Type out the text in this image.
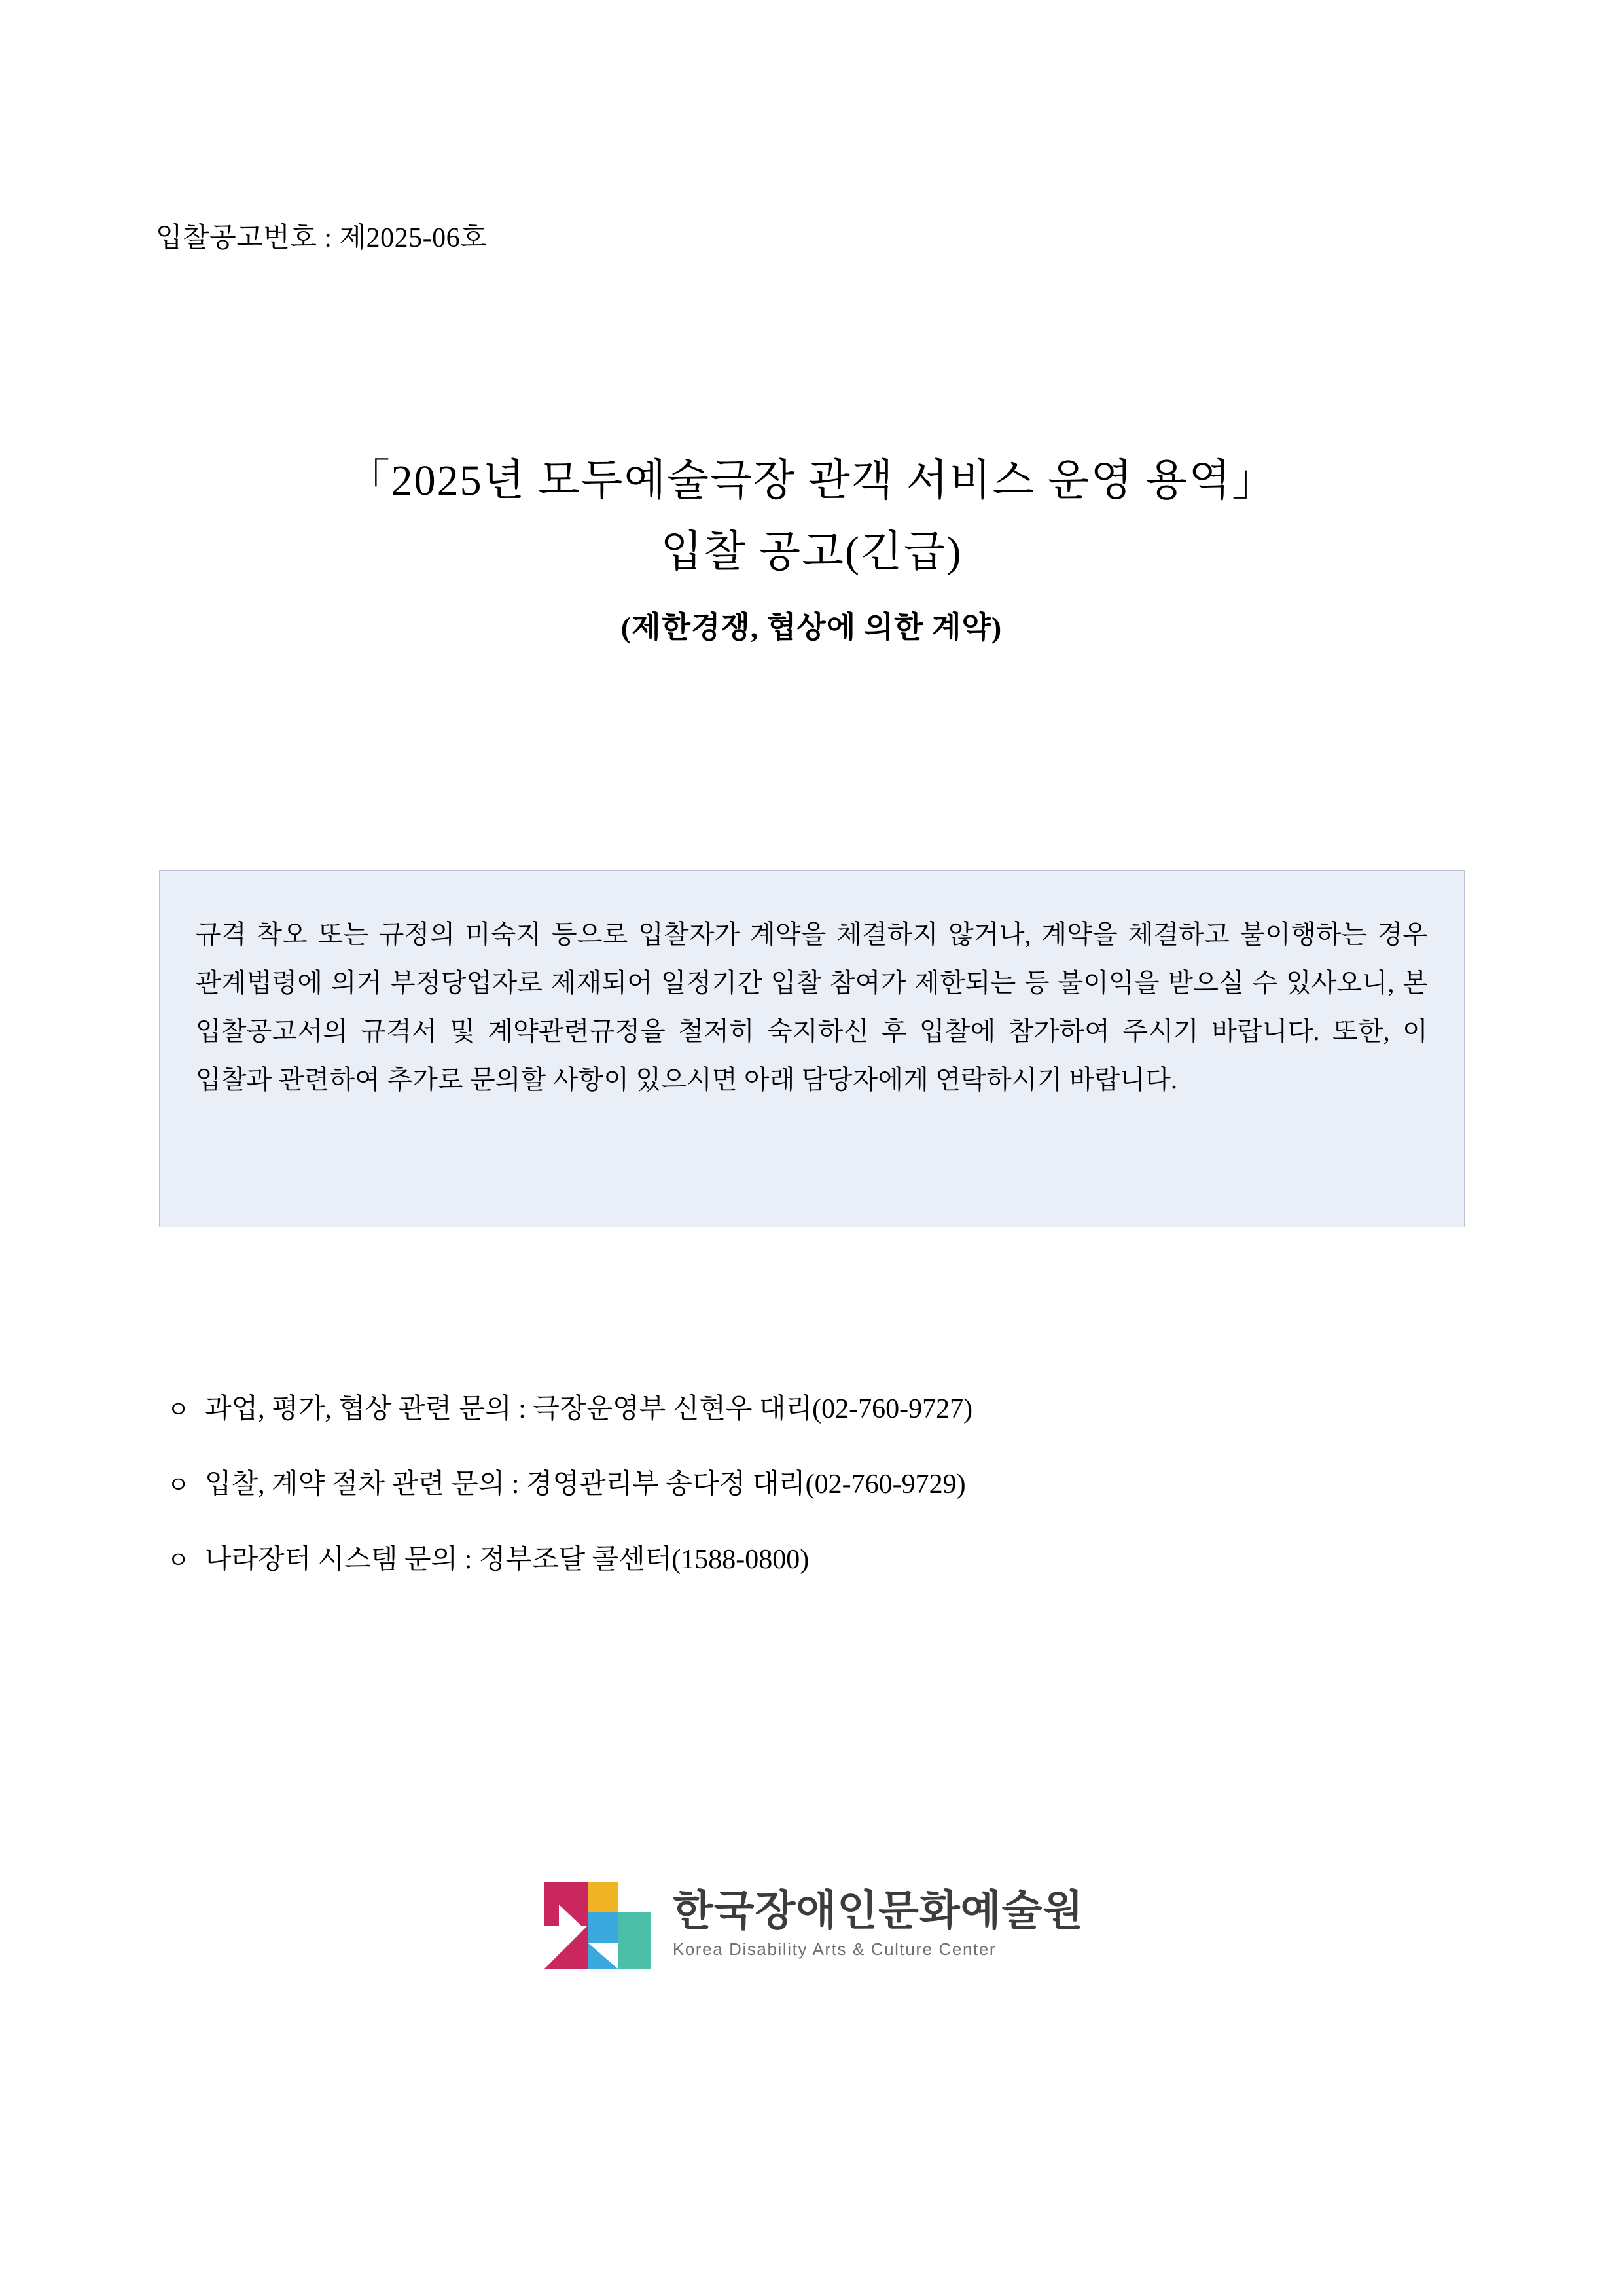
입찰공고번호 : 제2025-06호
「2025년 모두예술극장 관객 서비스 운영 용역」
입찰 공고(긴급)
(제한경쟁, 협상에 의한 계약)
규격 착오 또는 규정의 미숙지 등으로 입찰자가 계약을 체결하지 않거나, 계약을 체결하고 불이행하는 경우 관계법령에 의거 부정당업자로 제재되어 일정기간 입찰 참여가 제한되는 등 불이익을 받으실 수 있사오니, 본 입찰공고서의 규격서 및 계약관련규정을 철저히 숙지하신 후 입찰에 참가하여 주시기 바랍니다. 또한, 이 입찰과 관련하여 추가로 문의할 사항이 있으시면 아래 담당자에게 연락하시기 바랍니다.
ㅇ 과업, 평가, 협상 관련 문의 : 극장운영부 신현우 대리(02-760-9727)
ㅇ 입찰, 계약 절차 관련 문의 : 경영관리부 송다정 대리(02-760-9729)
ㅇ 나라장터 시스템 문의 : 정부조달 콜센터(1588-0800)
한국장애인문화예술원
Korea Disability Arts & Culture Center
